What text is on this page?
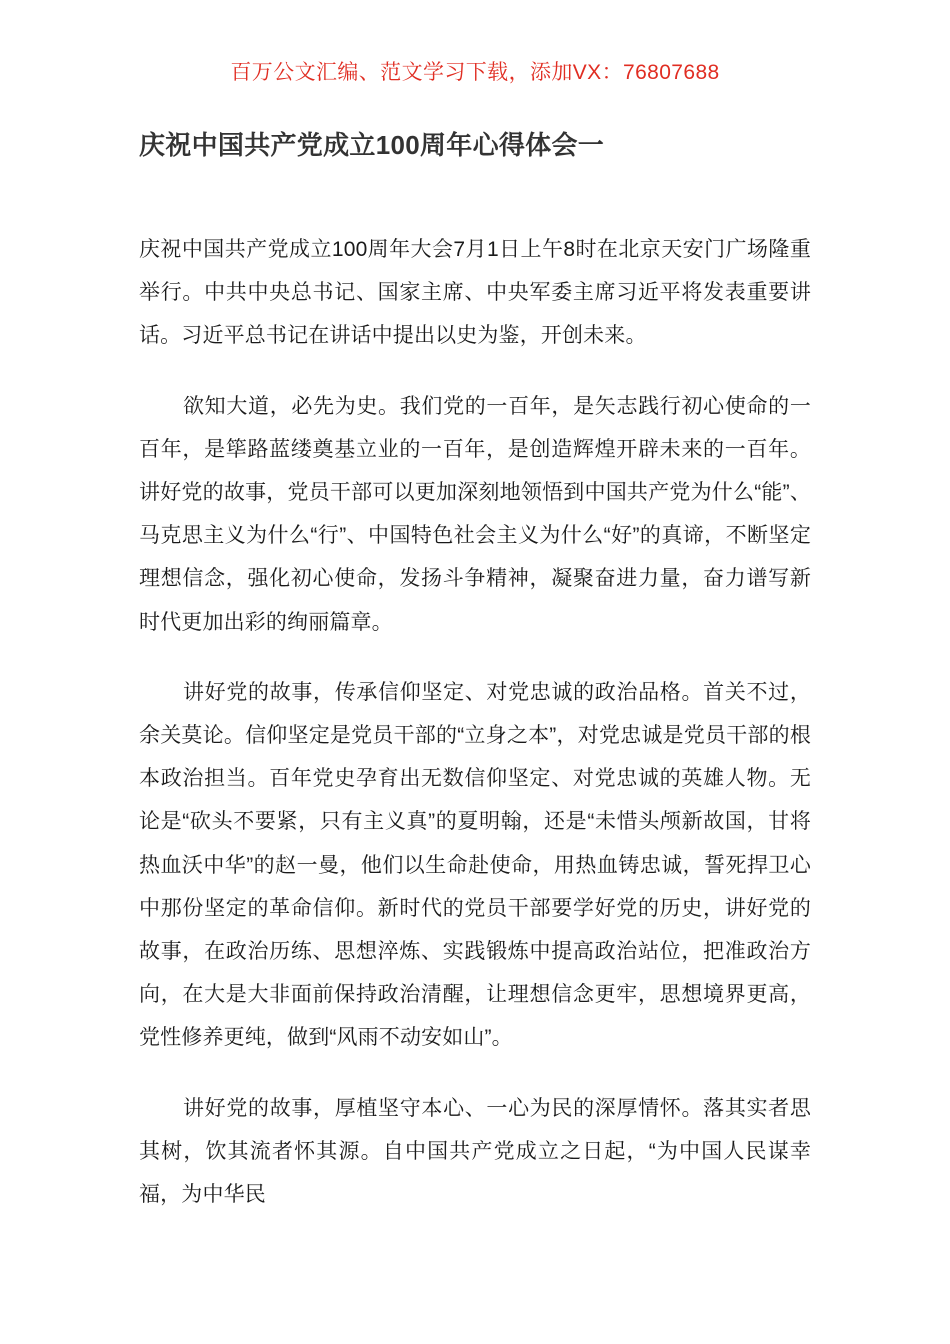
百万公文汇编、范文学习下载，添加VX：76807688
庆祝中国共产党成立100周年心得体会一

庆祝中国共产党成立100周年大会7月1日上午8时在北京天安门广场隆重举行。中共中央总书记、国家主席、中央军委主席习近平将发表重要讲话。习近平总书记在讲话中提出以史为鉴，开创未来。

欲知大道，必先为史。我们党的一百年，是矢志践行初心使命的一百年，是筚路蓝缕奠基立业的一百年，是创造辉煌开辟未来的一百年。讲好党的故事，党员干部可以更加深刻地领悟到中国共产党为什么“能”、马克思主义为什么“行”、中国特色社会主义为什么“好”的真谛，不断坚定理想信念，强化初心使命，发扬斗争精神，凝聚奋进力量，奋力谱写新时代更加出彩的绚丽篇章。

讲好党的故事，传承信仰坚定、对党忠诚的政治品格。首关不过，余关莫论。信仰坚定是党员干部的“立身之本”，对党忠诚是党员干部的根本政治担当。百年党史孕育出无数信仰坚定、对党忠诚的英雄人物。无论是“砍头不要紧，只有主义真”的夏明翰，还是“未惜头颅新故国，甘将热血沃中华”的赵一曼，他们以生命赴使命，用热血铸忠诚，誓死捍卫心中那份坚定的革命信仰。新时代的党员干部要学好党的历史，讲好党的故事，在政治历练、思想淬炼、实践锻炼中提高政治站位，把准政治方向，在大是大非面前保持政治清醒，让理想信念更牢，思想境界更高，党性修养更纯，做到“风雨不动安如山”。

讲好党的故事，厚植坚守本心、一心为民的深厚情怀。落其实者思其树，饮其流者怀其源。自中国共产党成立之日起，“为中国人民谋幸福，为中华民
